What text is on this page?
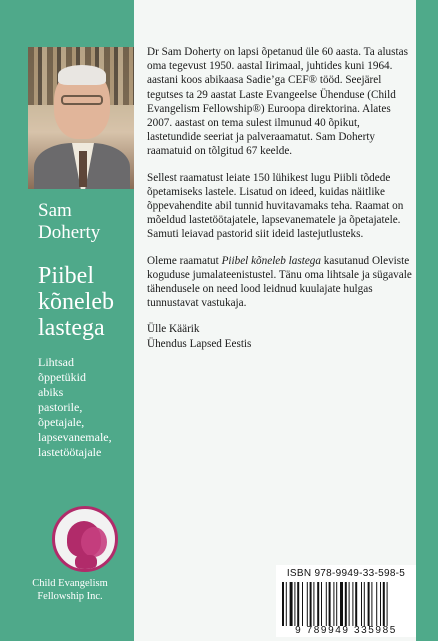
Sam Doherty
Piibel
kõneleb
lastega
Lihtsad
õppetükid
abiks
pastorile,
õpetajale,
lapsevanemale,
lastetöötajale
Child Evangelism
Fellowship Inc.

Dr Sam Doherty on lapsi õpetanud üle 60 aasta. Ta alustas oma tegevust 1950. aastal Iirimaal, juhtides kuni 1964. aastani koos abikaasa Sadie’ga CEF® tööd. Seejärel tegutses ta 29 aastat Laste Evangeelse Ühenduse (Child Evangelism Fellowship®) Euroopa direktorina. Alates 2007. aastast on tema sulest ilmunud 40 õpikut, lastetundide seeriat ja palveraamatut. Sam Doherty raamatuid on tõlgitud 67 keelde.

Sellest raamatust leiate 150 lühikest lugu Piibli tõdede õpetamiseks lastele. Lisatud on ideed, kuidas näitlike õppevahendite abil tunnid huvitavamaks teha. Raamat on mõeldud lastetöötajatele, lapsevanematele ja õpetajatele. Samuti leiavad pastorid siit ideid lastejutlusteks.

Oleme raamatut Piibel kõneleb lastega kasutanud Oleviste koguduse jumalateenistustel. Tänu oma lihtsale ja sügavale tähendusele on need lood leidnud kuulajate hulgas tunnustavat vastukaja.

Ülle Käärik
Ühendus Lapsed Eestis

ISBN 978-9949-33-598-5
9 789949 335985
